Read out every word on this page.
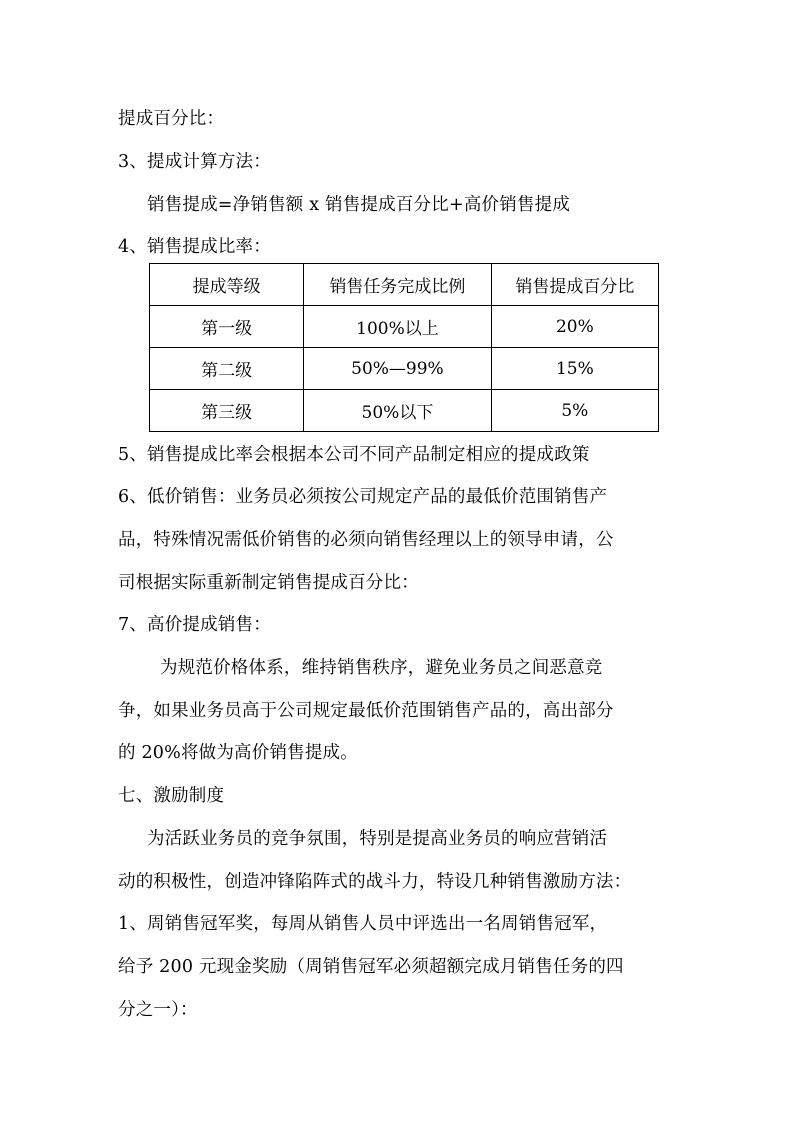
提成百分比：
3、提成计算方法：
销售提成=净销售额 x 销售提成百分比+高价销售提成
4、销售提成比率：
提成等级	销售任务完成比例	销售提成百分比
第一级	100%以上	20%
第二级	50%—99%	15%
第三级	50%以下	5%
5、销售提成比率会根据本公司不同产品制定相应的提成政策
6、低价销售：业务员必须按公司规定产品的最低价范围销售产
品，特殊情况需低价销售的必须向销售经理以上的领导申请，公
司根据实际重新制定销售提成百分比：
7、高价提成销售：
为规范价格体系，维持销售秩序，避免业务员之间恶意竞
争，如果业务员高于公司规定最低价范围销售产品的，高出部分
的 20%将做为高价销售提成。
七、激励制度
为活跃业务员的竞争氛围，特别是提高业务员的响应营销活
动的积极性，创造冲锋陷阵式的战斗力，特设几种销售激励方法：
1、周销售冠军奖，每周从销售人员中评选出一名周销售冠军，
给予 200 元现金奖励（周销售冠军必须超额完成月销售任务的四
分之一）：
